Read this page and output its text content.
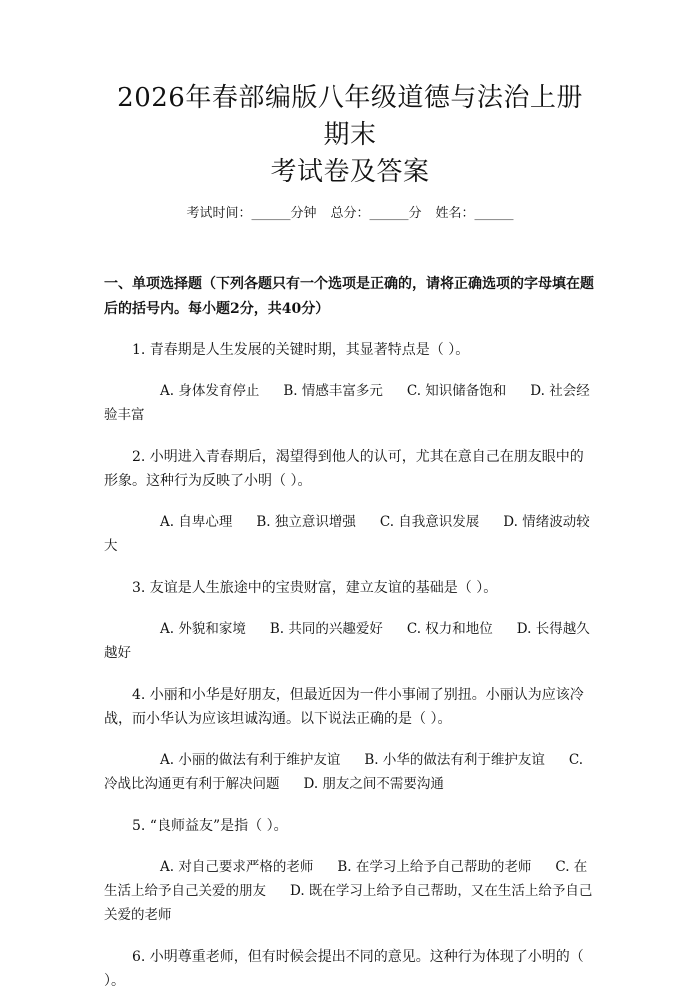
2026年春部编版八年级道德与法治上册期末
考试卷及答案
考试时间：______分钟 总分：______分 姓名：______
一、单项选择题（下列各题只有一个选项是正确的，请将正确选项的字母填在题后的括号内。每小题2分，共40分）
1. 青春期是人生发展的关键时期，其显著特点是（ ）。
A. 身体发育停止 B. 情感丰富多元 C. 知识储备饱和 D. 社会经验丰富
2. 小明进入青春期后，渴望得到他人的认可，尤其在意自己在朋友眼中的形象。这种行为反映了小明（ ）。
A. 自卑心理 B. 独立意识增强 C. 自我意识发展 D. 情绪波动较大
3. 友谊是人生旅途中的宝贵财富，建立友谊的基础是（ ）。
A. 外貌和家境 B. 共同的兴趣爱好 C. 权力和地位 D. 长得越久越好
4. 小丽和小华是好朋友，但最近因为一件小事闹了别扭。小丽认为应该冷战，而小华认为应该坦诚沟通。以下说法正确的是（ ）。
A. 小丽的做法有利于维护友谊 B. 小华的做法有利于维护友谊 C. 冷战比沟通更有利于解决问题 D. 朋友之间不需要沟通
5. “良师益友”是指（ ）。
A. 对自己要求严格的老师 B. 在学习上给予自己帮助的老师 C. 在生活上给予自己关爱的朋友 D. 既在学习上给予自己帮助，又在生活上给予自己关爱的老师
6. 小明尊重老师，但有时候会提出不同的意见。这种行为体现了小明的（ ）。
